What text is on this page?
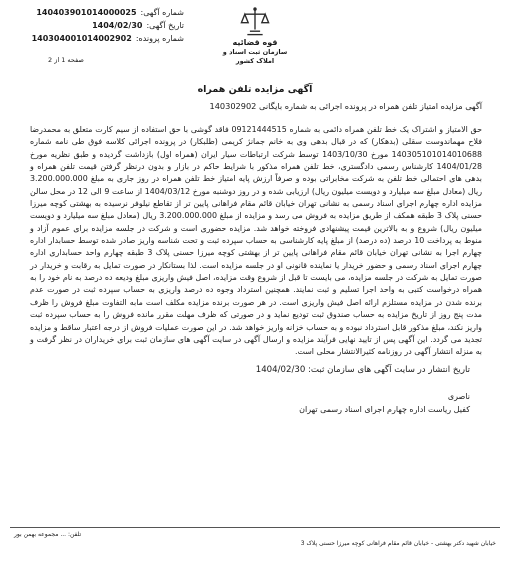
شماره آگهی:
140403901014000025
تاریخ آگهی:
1404/02/30
شماره پرونده:
140304001014002902	قوه قضائیه
سازمان ثبت اسناد و املاک کشور
صفحه 1 از 2
آگهی مزایده تلفن همراه
آگهی مزایده امتیاز تلفن همراه در پرونده اجرائی به شماره بایگانی 140302902
حق الامتیاز و اشتراک یک خط تلفن همراه دائمی به شماره 09121444515 فاقد گوشی با حق استفاده از سیم کارت متعلق به محمدرضا فلاح مهماندوست سقلی (بدهکار) که در قبال بدهی وی به خانم جمانژ کریمی (طلبکار) در پرونده اجرائی کلاسه فوق طی نامه شماره 140305101014010688 مورخ 1403/10/30 توسط شرکت ارتباطات سیار ایران (همراه اول) بازداشت گردیده و طبق نظریه مورخ 1404/01/28 کارشناس رسمی دادگستری، خط تلفن همراه مذکور با شرایط حاکم در بازار و بدون درنظر گرفتن قیمت تلفن همراه و بدهی های احتمالی خط تلفن به شرکت مخابراتی بوده و صرفاً ارزش پایه امتیاز خط تلفن همراه در روز جاری به مبلغ 3.200.000.000 ریال (معادل مبلغ سه میلیارد و دویست میلیون ریال) ارزیابی شده و در روز دوشنبه مورخ 1404/03/12 از ساعت 9 الی 12 در محل سالن مزایده اداره چهارم اجرای اسناد رسمی به نشانی تهران خیابان قائم مقام فراهانی پایین تر از تقاطع نیلوفر نرسیده به بهشتی کوچه میرزا حسنی پلاک 3 طبقه همکف از طریق مزایده به فروش می رسد و مزایده از مبلغ 3.200.000.000 ریال (معادل مبلغ سه میلیارد و دویست میلیون ریال) شروع و به بالاترین قیمت پیشنهادی فروخته خواهد شد. مزایده حضوری است و شرکت در جلسه مزایده برای عموم آزاد و منوط به پرداخت 10 درصد (ده درصد) از مبلغ پایه کارشناسی به حساب سپرده ثبت و تحت شناسه واریز صادر شده توسط حسابدار اداره چهارم اجرا به نشانی تهران خیابان قائم مقام فراهانی پایین تر از بهشتی کوچه میرزا حسنی پلاک 3 طبقه چهارم واحد حسابداری اداره چهارم اجرای اسناد رسمی و حضور خریدار یا نماینده قانونی او در جلسه مزایده است. لذا بستانکار در صورت تمایل به رقابت و خریدار در صورت تمایل به شرکت در جلسه مزایده، می بایست تا قبل از شروع وقت مزایده، اصل فیش واریزی مبلغ ودیعه ده درصد به نام خود را به همراه درخواست کتبی به واحد اجرا تسلیم و ثبت نمایند. همچنین استرداد وجوه ده درصد واریزی به حساب سپرده ثبت در صورت عدم برنده شدن در مزایده مستلزم ارائه اصل فیش واریزی است. در هر صورت برنده مزایده مکلف است مابه التفاوت مبلغ فروش را ظرف مدت پنج روز از تاریخ مزایده به حساب صندوق ثبت تودیع نماید و در صورتی که ظرف مهلت مقرر مانده فروش را به حساب سپرده ثبت واریز نکند، مبلغ مذکور قابل استرداد نبوده و به حساب خزانه واریز خواهد شد. در این صورت عملیات فروش از درجه اعتبار ساقط و مزایده تجدید می گردد. این آگهی پس از تایید نهایی فرآیند مزایده و ارسال آگهی در سایت آگهی های سازمان ثبت برای خریداران در نظر گرفت و به منزله انتشار آگهی در روزنامه کثیرالانتشار محلی است.
تاریخ انتشار در سایت آگهی های سازمان ثبت: 1404/02/30
ناصری
کفیل ریاست اداره چهارم اجرای اسناد رسمی تهران
تلفن: ... مجموعه بهمن بور
خیابان شهید دکتر بهشتی - خیابان قائم مقام فراهانی کوچه میرزا حسنی پلاک 3
